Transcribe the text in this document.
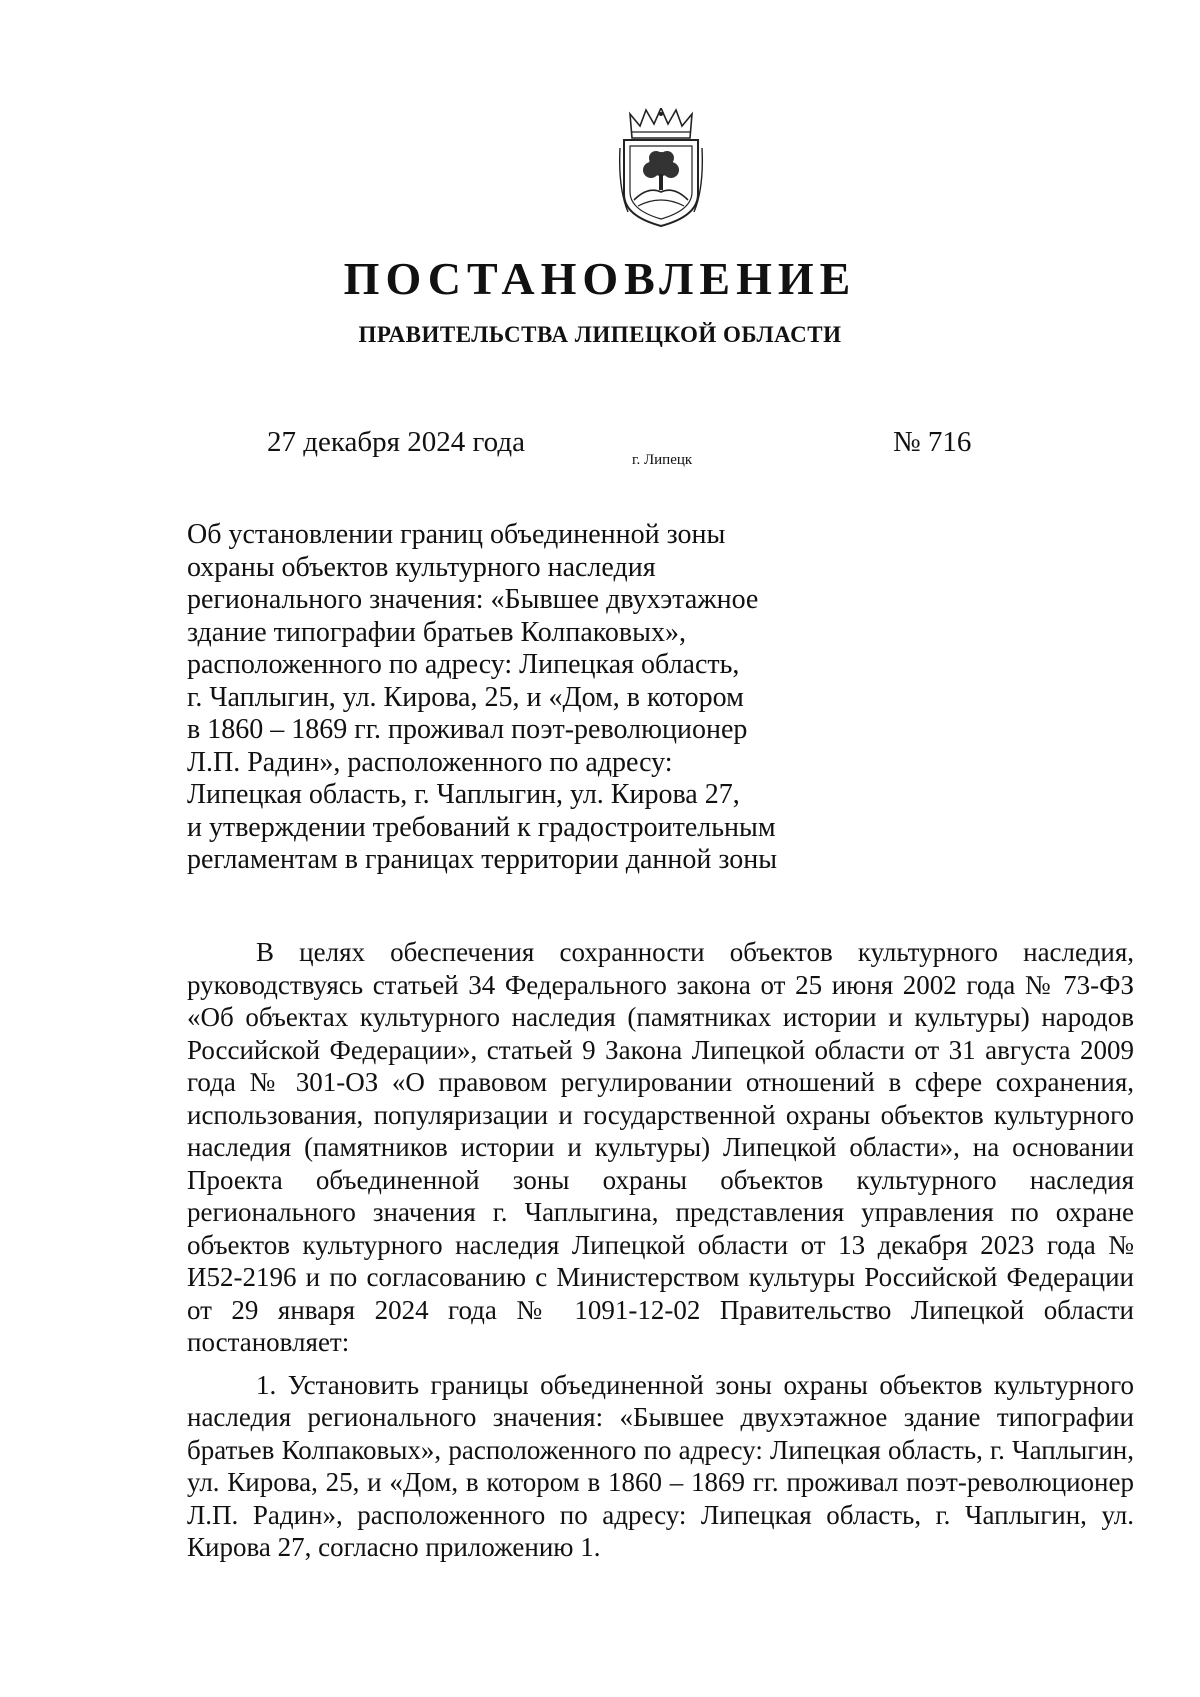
ПОСТАНОВЛЕНИЕ
ПРАВИТЕЛЬСТВА ЛИПЕЦКОЙ ОБЛАСТИ
27 декабря 2024 года
г. Липецк
№ 716
Об установлении границ объединенной зоны
охраны объектов культурного наследия
регионального значения: «Бывшее двухэтажное
здание типографии братьев Колпаковых»,
расположенного по адресу: Липецкая область,
г. Чаплыгин, ул. Кирова, 25, и «Дом, в котором
в 1860 – 1869 гг. проживал поэт-революционер
Л.П. Радин», расположенного по адресу:
Липецкая область, г. Чаплыгин, ул. Кирова 27,
и утверждении требований к градостроительным
регламентам в границах территории данной зоны

В целях обеспечения сохранности объектов культурного наследия, руководствуясь статьей 34 Федерального закона от 25 июня 2002 года № 73-ФЗ «Об объектах культурного наследия (памятниках истории и культуры) народов Российской Федерации», статьей 9 Закона Липецкой области от 31 августа 2009 года № 301-ОЗ «О правовом регулировании отношений в сфере сохранения, использования, популяризации и государственной охраны объектов культурного наследия (памятников истории и культуры) Липецкой области», на основании Проекта объединенной зоны охраны объектов культурного наследия регионального значения г. Чаплыгина, представления управления по охране объектов культурного наследия Липецкой области от 13 декабря 2023 года № И52-2196 и по согласованию с Министерством культуры Российской Федерации от 29 января 2024 года № 1091-12-02 Правительство Липецкой области постановляет:

1. Установить границы объединенной зоны охраны объектов культурного наследия регионального значения: «Бывшее двухэтажное здание типографии братьев Колпаковых», расположенного по адресу: Липецкая область, г. Чаплыгин, ул. Кирова, 25, и «Дом, в котором в 1860 – 1869 гг. проживал поэт-революционер Л.П. Радин», расположенного по адресу: Липецкая область, г. Чаплыгин, ул. Кирова 27, согласно приложению 1.
